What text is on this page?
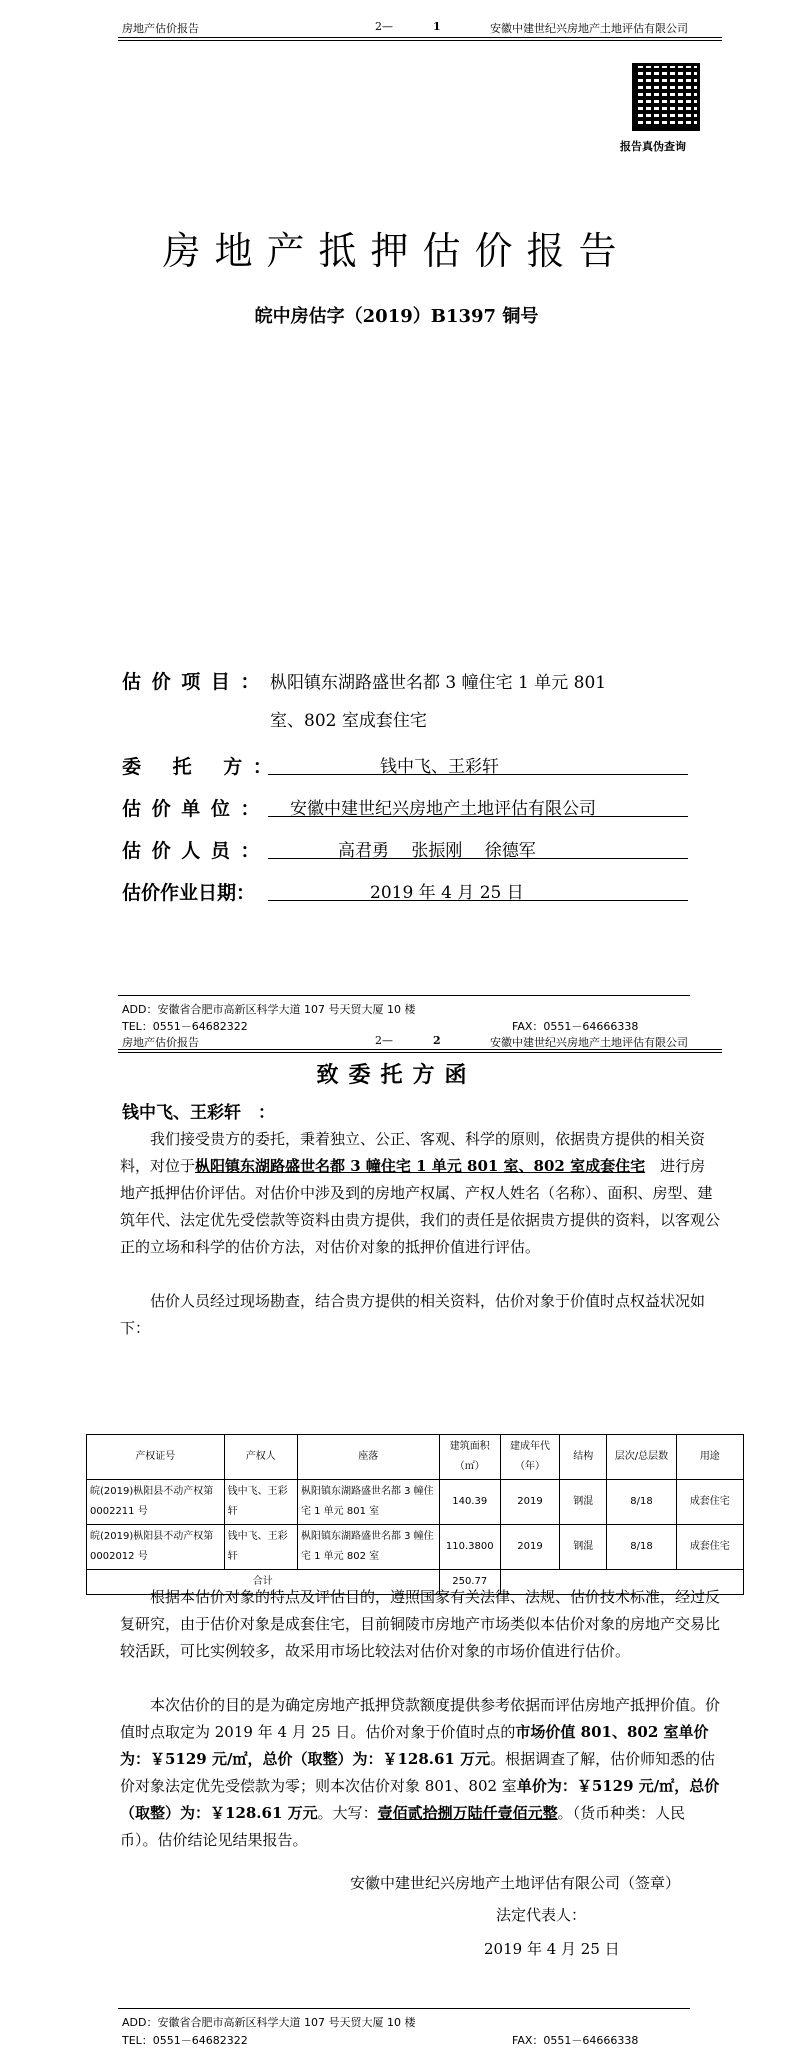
房地产估价报告	2—	1	安徽中建世纪兴房地产土地评估有限公司
报告真伪查询
房地产抵押估价报告
皖中房估字（2019）B1397 铜号
估 价 项 目 ： 枞阳镇东湖路盛世名都 3 幢住宅 1 单元 801
室、802 室成套住宅
委　 托　 方 ：	钱中飞、王彩轩
估 价 单 位 ： 安徽中建世纪兴房地产土地评估有限公司
估 价 人 员 ：	高君勇　 张振刚　 徐德军
估价作业日期：	2019 年 4 月 25 日
ADD：安徽省合肥市高新区科学大道 107 号天贸大厦 10 楼
TEL：0551－64682322	FAX：0551－64666338
房地产估价报告	2—	2	安徽中建世纪兴房地产土地评估有限公司
致委托方函
钱中飞、王彩轩　：
我们接受贵方的委托，秉着独立、公正、客观、科学的原则，依据贵方提供的相关资料，对位于枞阳镇东湖路盛世名都 3 幢住宅 1 单元 801 室、802 室成套住宅　 进行房地产抵押估价评估。对估价中涉及到的房地产权属、产权人姓名（名称）、面积、房型、建筑年代、法定优先受偿款等资料由贵方提供，我们的责任是依据贵方提供的资料，以客观公正的立场和科学的估价方法，对估价对象的抵押价值进行评估。
估价人员经过现场勘查，结合贵方提供的相关资料，估价对象于价值时点权益状况如下：
产权证号	产权人	座落	建筑面积（㎡）	建成年代（年）	结构	层次/总层数	用途
皖(2019)枞阳县不动产权第 0002211 号	钱中飞、王彩轩	枞阳镇东湖路盛世名都 3 幢住宅 1 单元 801 室	140.39	2019	钢混	8/18	成套住宅
皖(2019)枞阳县不动产权第 0002012 号	钱中飞、王彩轩	枞阳镇东湖路盛世名都 3 幢住宅 1 单元 802 室	110.3800	2019	钢混	8/18	成套住宅
合计			250.77				
根据本估价对象的特点及评估目的，遵照国家有关法律、法规、估价技术标准，经过反复研究，由于估价对象是成套住宅，目前铜陵市房地产市场类似本估价对象的房地产交易比较活跃，可比实例较多，故采用市场比较法对估价对象的市场价值进行估价。
本次估价的目的是为确定房地产抵押贷款额度提供参考依据而评估房地产抵押价值。价值时点取定为 2019 年 4 月 25 日。估价对象于价值时点的市场价值 801、802 室单价为：￥5129 元/㎡，总价（取整）为：￥128.61 万元。根据调查了解，估价师知悉的估价对象法定优先受偿款为零；则本次估价对象 801、802 室单价为：￥5129 元/㎡，总价（取整）为：￥128.61 万元。大写：壹佰贰拾捌万陆仟壹佰元整。（货币种类：人民币）。估价结论见结果报告。
安徽中建世纪兴房地产土地评估有限公司（签章）
法定代表人：
2019 年 4 月 25 日
ADD：安徽省合肥市高新区科学大道 107 号天贸大厦 10 楼
TEL：0551－64682322	FAX：0551－64666338
